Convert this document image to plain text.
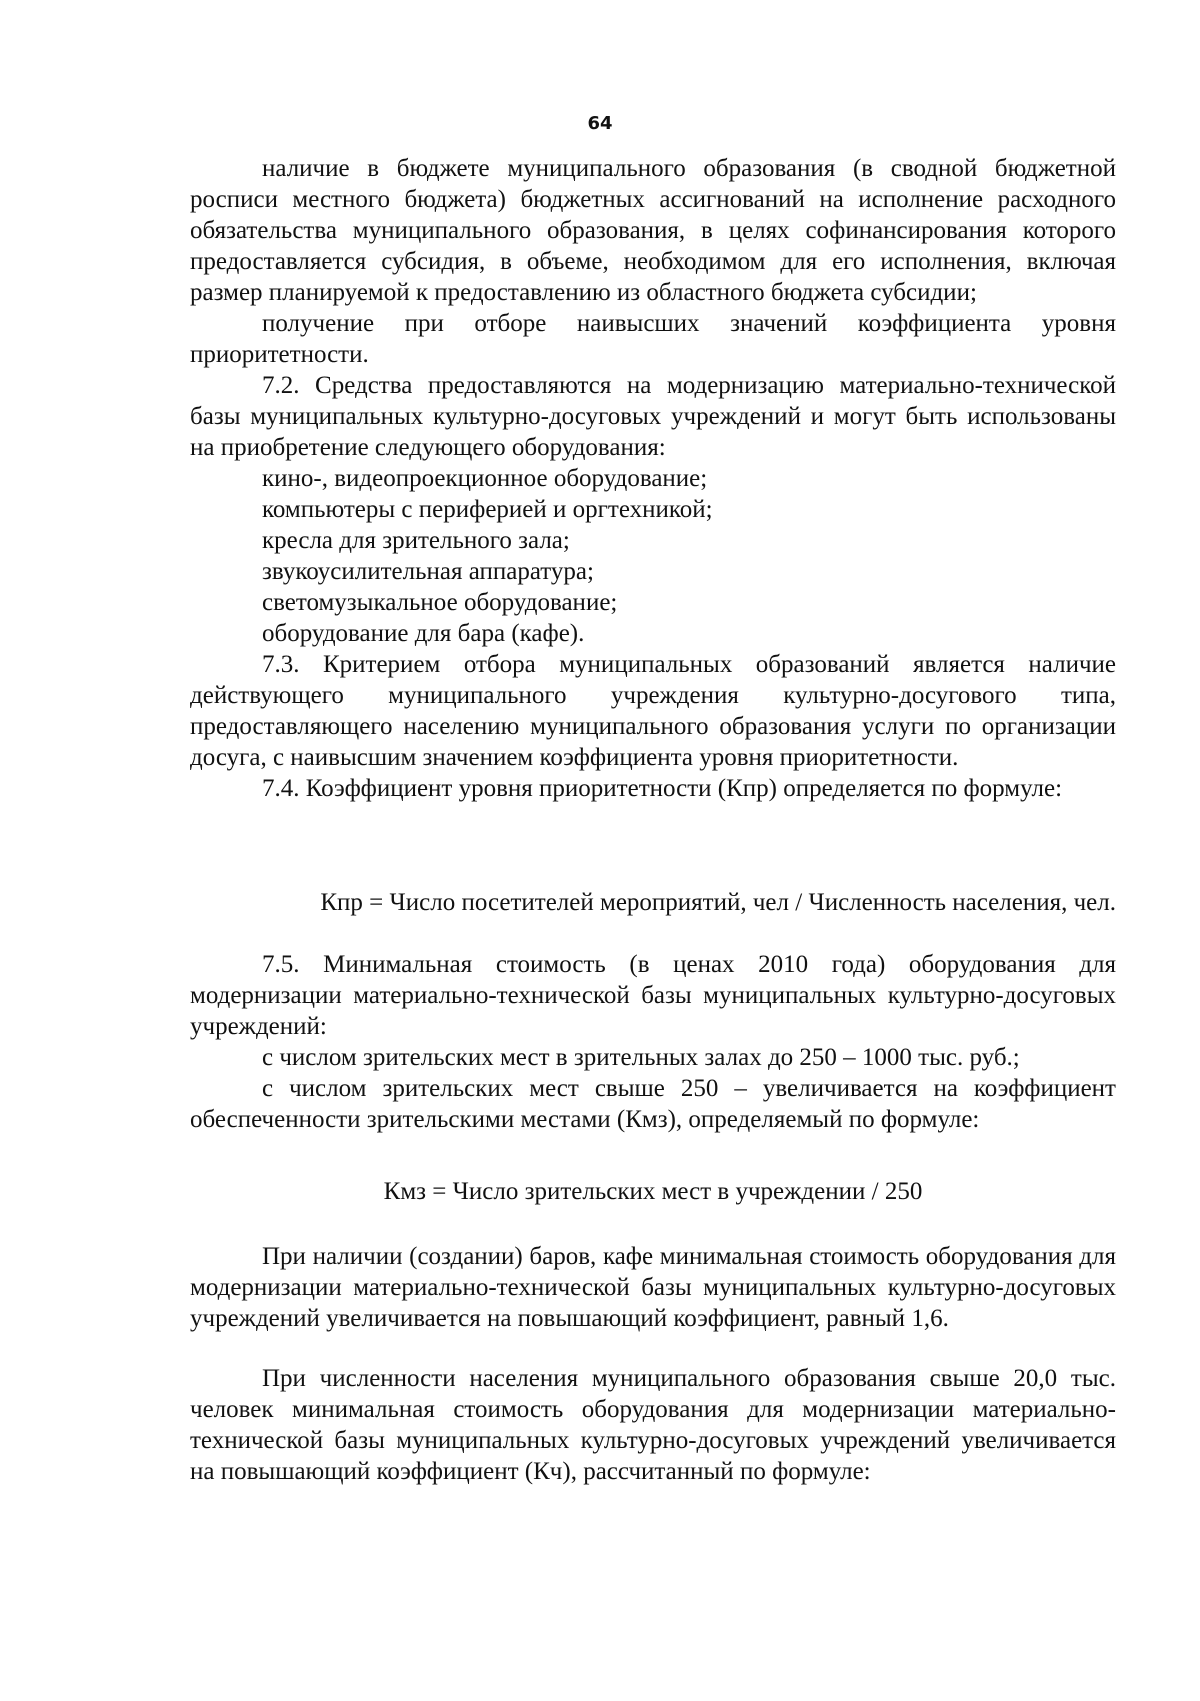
64

наличие в бюджете муниципального образования (в сводной бюджетной росписи местного бюджета) бюджетных ассигнований на исполнение расходного обязательства муниципального образования, в целях софинансирования которого предоставляется субсидия, в объеме, необходимом для его исполнения, включая размер планируемой к предоставлению из областного бюджета субсидии;

получение при отборе наивысших значений коэффициента уровня приоритетности.

7.2. Средства предоставляются на модернизацию материально-технической базы муниципальных культурно-досуговых учреждений и могут быть использованы на приобретение следующего оборудования:

кино-, видеопроекционное оборудование;

компьютеры с периферией и оргтехникой;

кресла для зрительного зала;

звукоусилительная аппаратура;

светомузыкальное оборудование;

оборудование для бара (кафе).

7.3. Критерием отбора муниципальных образований является наличие действующего муниципального учреждения культурно-досугового типа, предоставляющего населению муниципального образования услуги по организации досуга, с наивысшим значением коэффициента уровня приоритетности.

7.4. Коэффициент уровня приоритетности (Кпр) определяется по формуле:

Кпр = Число посетителей мероприятий, чел / Численность населения, чел.

7.5. Минимальная стоимость (в ценах 2010 года) оборудования для модернизации материально-технической базы муниципальных культурно-досуговых учреждений:

с числом зрительских мест в зрительных залах до 250 – 1000 тыс. руб.;

с числом зрительских мест свыше 250 – увеличивается на коэффициент обеспеченности зрительскими местами (Кмз), определяемый по формуле:

Кмз = Число зрительских мест в учреждении / 250

При наличии (создании) баров, кафе минимальная стоимость оборудования для модернизации материально-технической базы муниципальных культурно-досуговых учреждений увеличивается на повышающий коэффициент, равный 1,6.

При численности населения муниципального образования свыше 20,0 тыс. человек минимальная стоимость оборудования для модернизации материально-технической базы муниципальных культурно-досуговых учреждений увеличивается на повышающий коэффициент (Кч), рассчитанный по формуле:
